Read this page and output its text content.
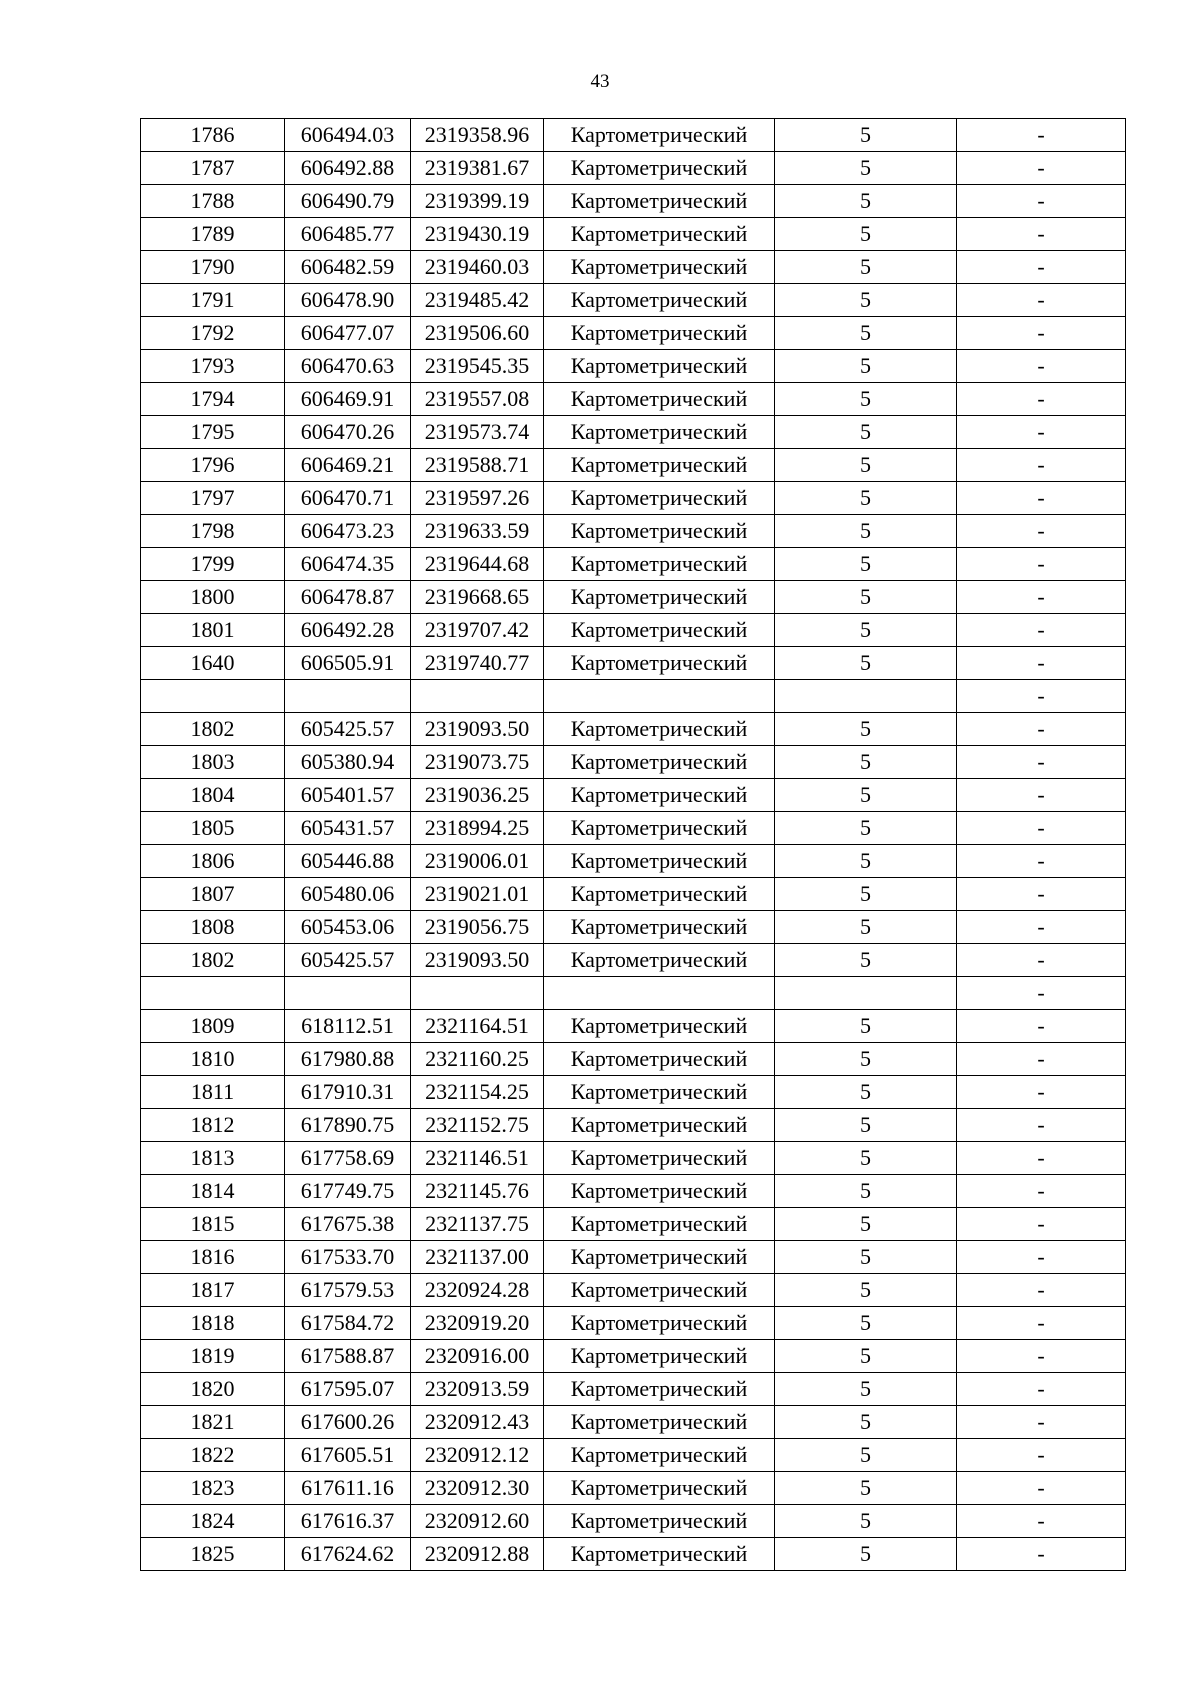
43
1786	606494.03	2319358.96	Картометрический	5	-
1787	606492.88	2319381.67	Картометрический	5	-
1788	606490.79	2319399.19	Картометрический	5	-
1789	606485.77	2319430.19	Картометрический	5	-
1790	606482.59	2319460.03	Картометрический	5	-
1791	606478.90	2319485.42	Картометрический	5	-
1792	606477.07	2319506.60	Картометрический	5	-
1793	606470.63	2319545.35	Картометрический	5	-
1794	606469.91	2319557.08	Картометрический	5	-
1795	606470.26	2319573.74	Картометрический	5	-
1796	606469.21	2319588.71	Картометрический	5	-
1797	606470.71	2319597.26	Картометрический	5	-
1798	606473.23	2319633.59	Картометрический	5	-
1799	606474.35	2319644.68	Картометрический	5	-
1800	606478.87	2319668.65	Картометрический	5	-
1801	606492.28	2319707.42	Картометрический	5	-
1640	606505.91	2319740.77	Картометрический	5	-
					-
1802	605425.57	2319093.50	Картометрический	5	-
1803	605380.94	2319073.75	Картометрический	5	-
1804	605401.57	2319036.25	Картометрический	5	-
1805	605431.57	2318994.25	Картометрический	5	-
1806	605446.88	2319006.01	Картометрический	5	-
1807	605480.06	2319021.01	Картометрический	5	-
1808	605453.06	2319056.75	Картометрический	5	-
1802	605425.57	2319093.50	Картометрический	5	-
					-
1809	618112.51	2321164.51	Картометрический	5	-
1810	617980.88	2321160.25	Картометрический	5	-
1811	617910.31	2321154.25	Картометрический	5	-
1812	617890.75	2321152.75	Картометрический	5	-
1813	617758.69	2321146.51	Картометрический	5	-
1814	617749.75	2321145.76	Картометрический	5	-
1815	617675.38	2321137.75	Картометрический	5	-
1816	617533.70	2321137.00	Картометрический	5	-
1817	617579.53	2320924.28	Картометрический	5	-
1818	617584.72	2320919.20	Картометрический	5	-
1819	617588.87	2320916.00	Картометрический	5	-
1820	617595.07	2320913.59	Картометрический	5	-
1821	617600.26	2320912.43	Картометрический	5	-
1822	617605.51	2320912.12	Картометрический	5	-
1823	617611.16	2320912.30	Картометрический	5	-
1824	617616.37	2320912.60	Картометрический	5	-
1825	617624.62	2320912.88	Картометрический	5	-
